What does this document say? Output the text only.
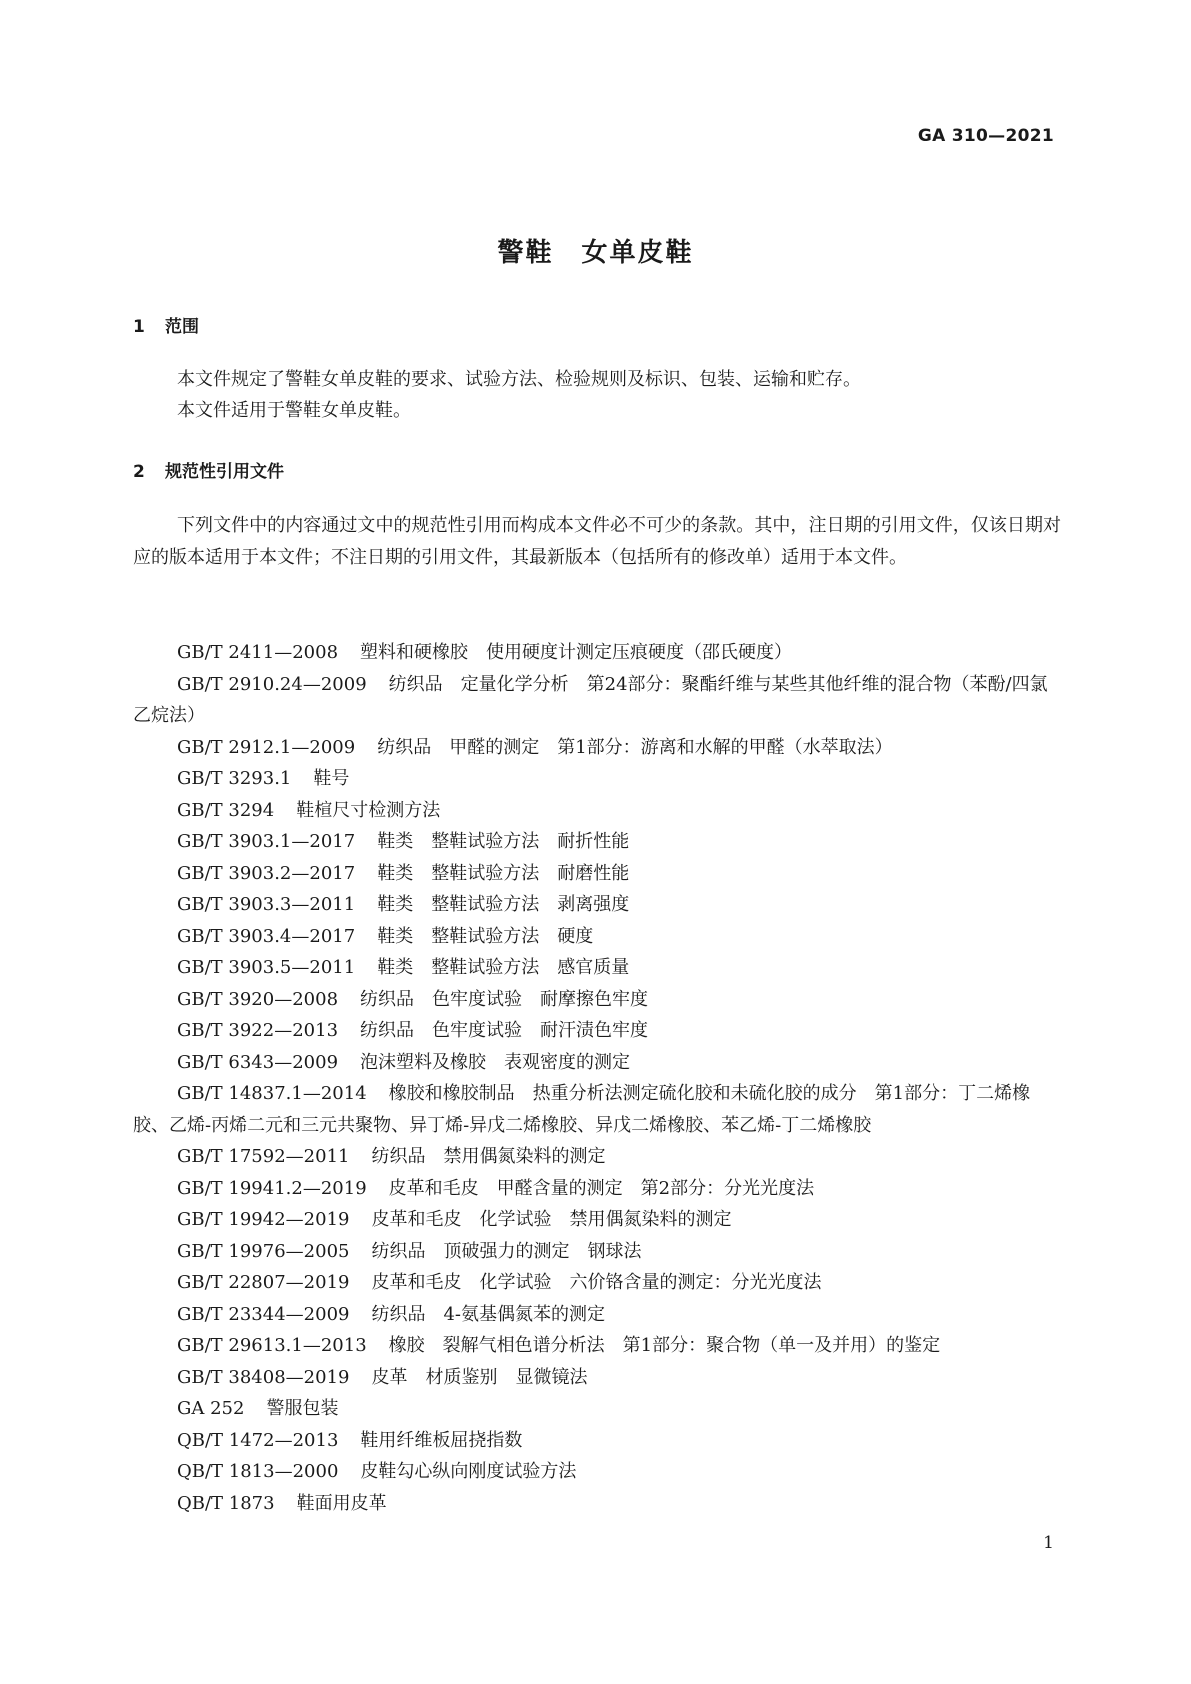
GA 310—2021
警鞋　女单皮鞋
1 范围

本文件规定了警鞋女单皮鞋的要求、试验方法、检验规则及标识、包装、运输和贮存。

本文件适用于警鞋女单皮鞋。

2 规范性引用文件

下列文件中的内容通过文中的规范性引用而构成本文件必不可少的条款。其中，注日期的引用文件，仅该日期对应的版本适用于本文件；不注日期的引用文件，其最新版本（包括所有的修改单）适用于本文件。

GB/T 2411—2008 塑料和硬橡胶　使用硬度计测定压痕硬度（邵氏硬度）
GB/T 2910.24—2009 纺织品　定量化学分析　第24部分：聚酯纤维与某些其他纤维的混合物（苯酚/四氯乙烷法）
GB/T 2912.1—2009 纺织品　甲醛的测定　第1部分：游离和水解的甲醛（水萃取法）
GB/T 3293.1 鞋号
GB/T 3294 鞋楦尺寸检测方法
GB/T 3903.1—2017 鞋类　整鞋试验方法　耐折性能
GB/T 3903.2—2017 鞋类　整鞋试验方法　耐磨性能
GB/T 3903.3—2011 鞋类　整鞋试验方法　剥离强度
GB/T 3903.4—2017 鞋类　整鞋试验方法　硬度
GB/T 3903.5—2011 鞋类　整鞋试验方法　感官质量
GB/T 3920—2008 纺织品　色牢度试验　耐摩擦色牢度
GB/T 3922—2013 纺织品　色牢度试验　耐汗渍色牢度
GB/T 6343—2009 泡沫塑料及橡胶　表观密度的测定
GB/T 14837.1—2014 橡胶和橡胶制品　热重分析法测定硫化胶和未硫化胶的成分　第1部分：丁二烯橡胶、乙烯-丙烯二元和三元共聚物、异丁烯-异戊二烯橡胶、异戊二烯橡胶、苯乙烯-丁二烯橡胶
GB/T 17592—2011 纺织品　禁用偶氮染料的测定
GB/T 19941.2—2019 皮革和毛皮　甲醛含量的测定　第2部分：分光光度法
GB/T 19942—2019 皮革和毛皮　化学试验　禁用偶氮染料的测定
GB/T 19976—2005 纺织品　顶破强力的测定　钢球法
GB/T 22807—2019 皮革和毛皮　化学试验　六价铬含量的测定：分光光度法
GB/T 23344—2009 纺织品　4-氨基偶氮苯的测定
GB/T 29613.1—2013 橡胶　裂解气相色谱分析法　第1部分：聚合物（单一及并用）的鉴定
GB/T 38408—2019 皮革　材质鉴别　显微镜法
GA 252 警服包装
QB/T 1472—2013 鞋用纤维板屈挠指数
QB/T 1813—2000 皮鞋勾心纵向刚度试验方法
QB/T 1873 鞋面用皮革
1
